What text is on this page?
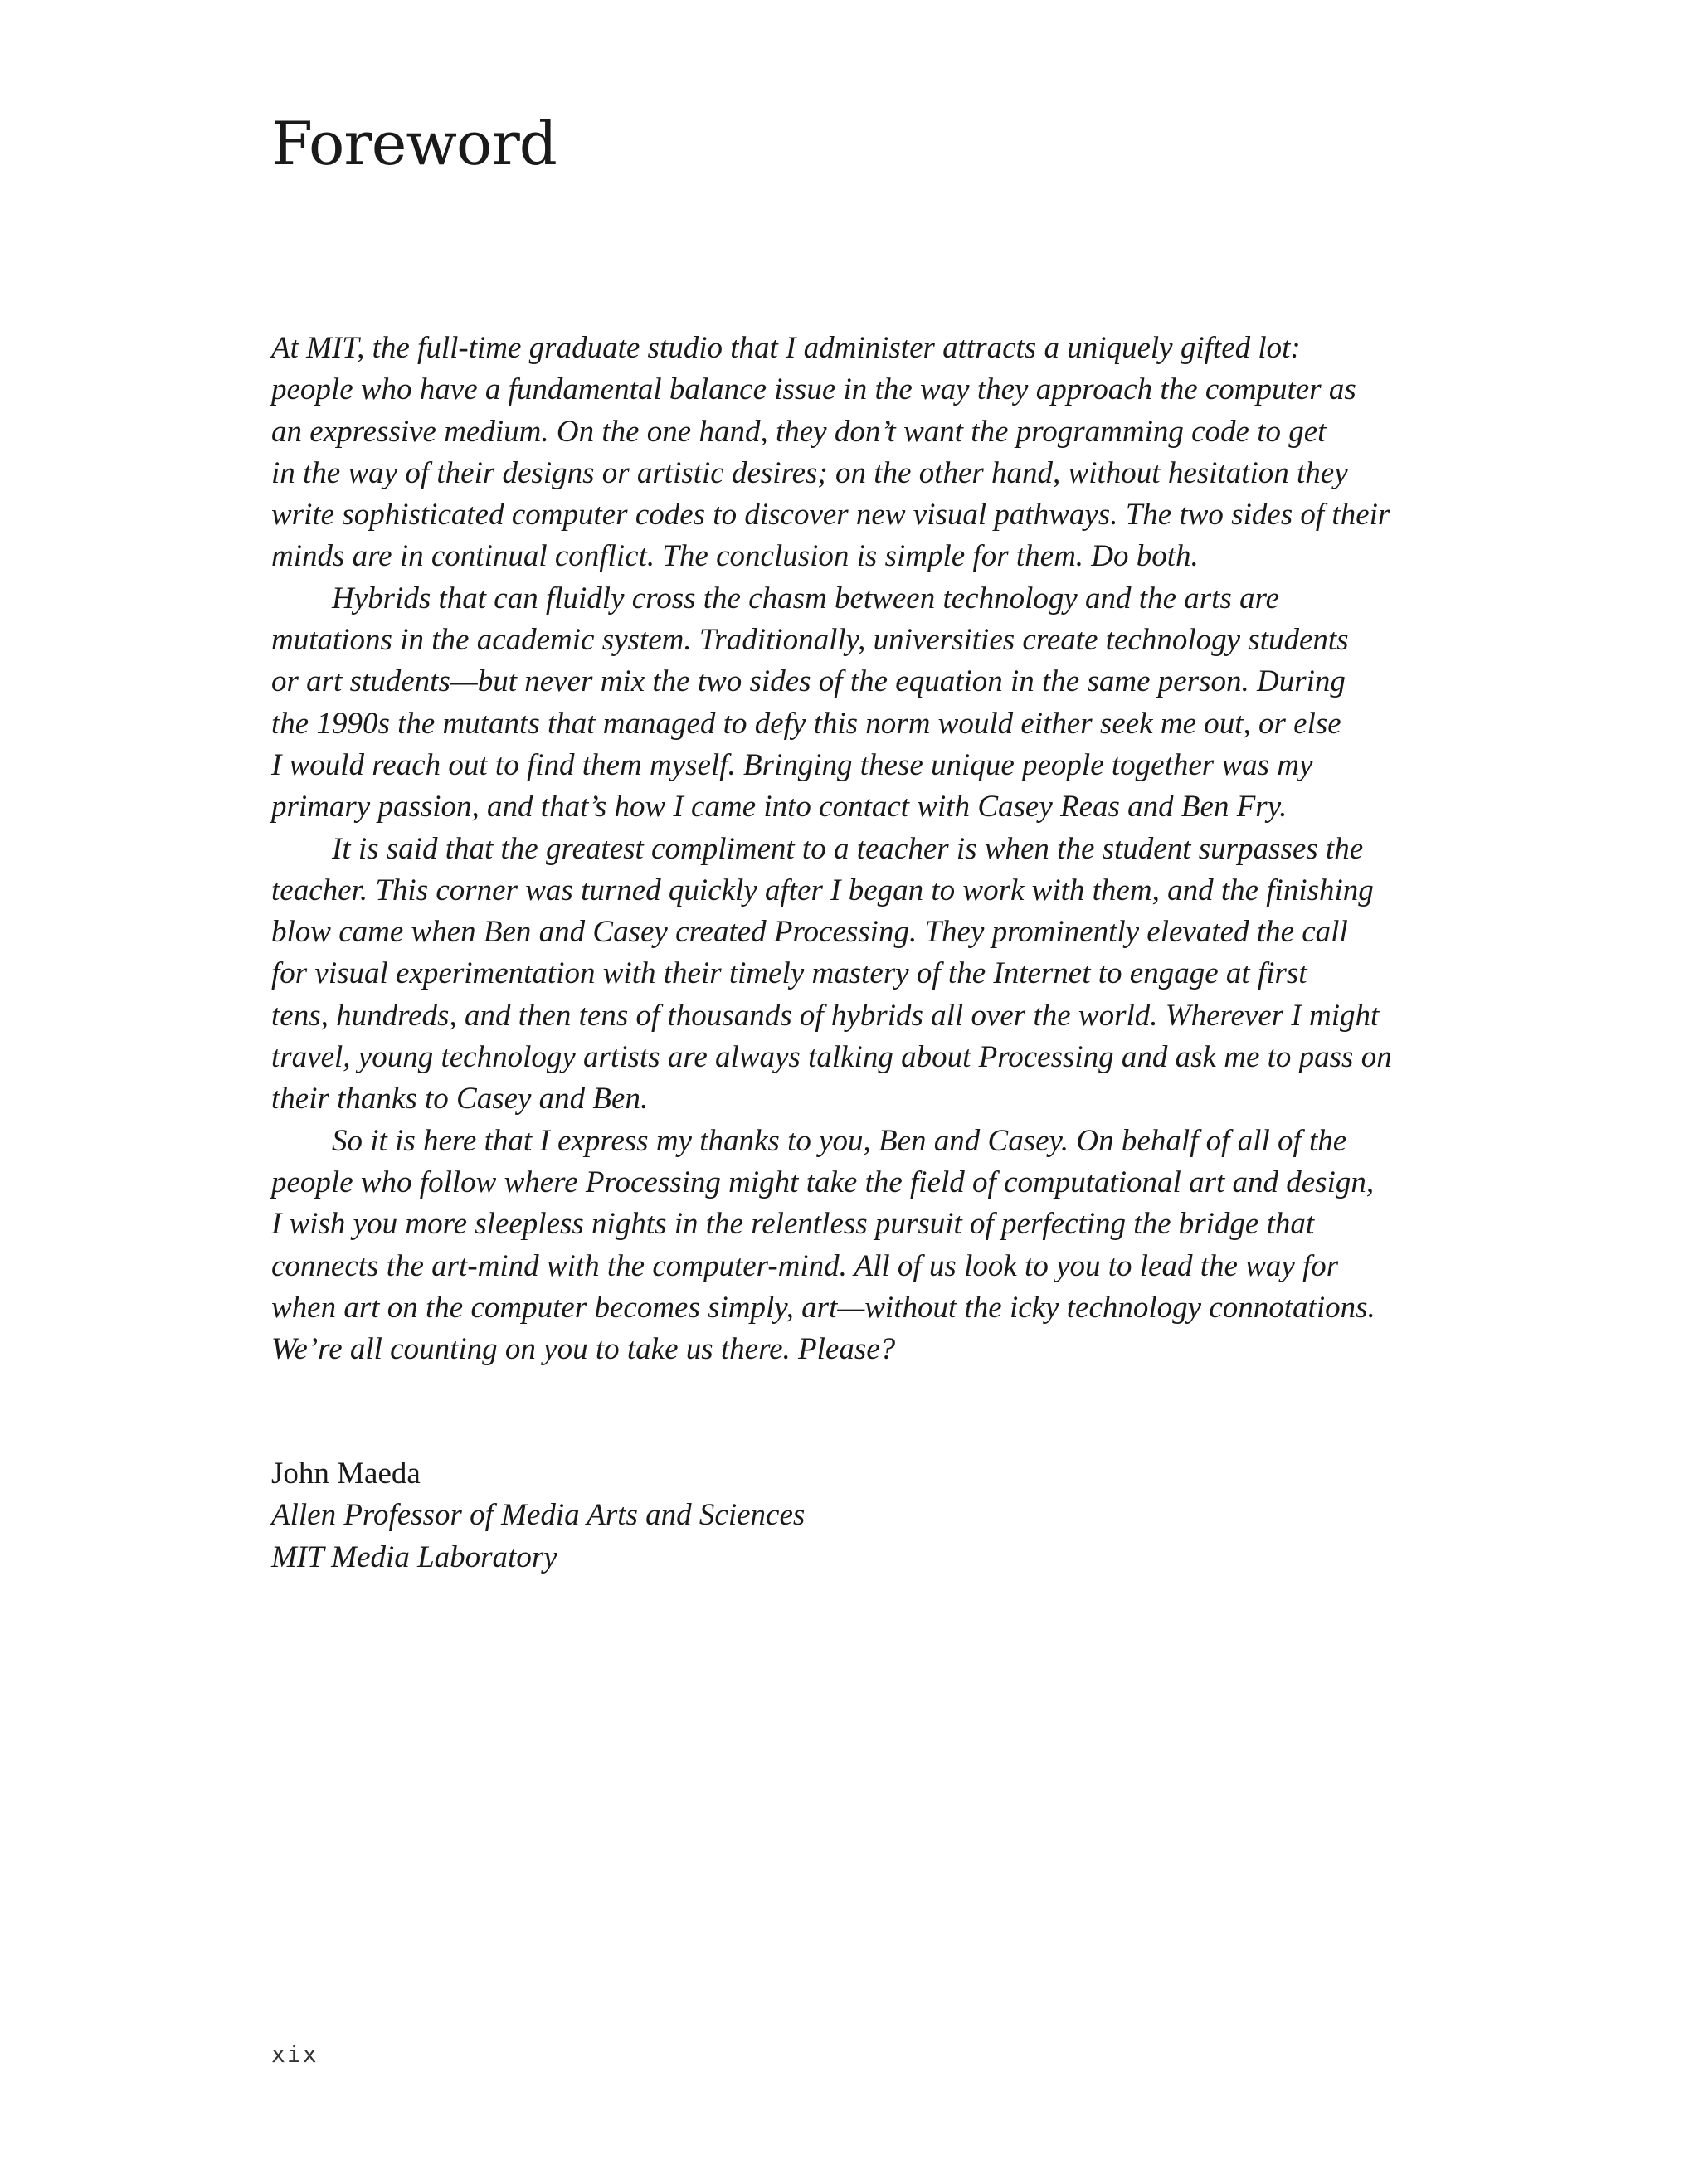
Foreword
At MIT, the full-time graduate studio that I administer attracts a uniquely gifted lot:
people who have a fundamental balance issue in the way they approach the computer as
an expressive medium. On the one hand, they don’t want the programming code to get
in the way of their designs or artistic desires; on the other hand, without hesitation they
write sophisticated computer codes to discover new visual pathways. The two sides of their
minds are in continual conflict. The conclusion is simple for them. Do both.
Hybrids that can fluidly cross the chasm between technology and the arts are
mutations in the academic system. Traditionally, universities create technology students
or art students—but never mix the two sides of the equation in the same person. During
the 1990s the mutants that managed to defy this norm would either seek me out, or else
I would reach out to find them myself. Bringing these unique people together was my
primary passion, and that’s how I came into contact with Casey Reas and Ben Fry.
It is said that the greatest compliment to a teacher is when the student surpasses the
teacher. This corner was turned quickly after I began to work with them, and the finishing
blow came when Ben and Casey created Processing. They prominently elevated the call
for visual experimentation with their timely mastery of the Internet to engage at first
tens, hundreds, and then tens of thousands of hybrids all over the world. Wherever I might
travel, young technology artists are always talking about Processing and ask me to pass on
their thanks to Casey and Ben.
So it is here that I express my thanks to you, Ben and Casey. On behalf of all of the
people who follow where Processing might take the field of computational art and design,
I wish you more sleepless nights in the relentless pursuit of perfecting the bridge that
connects the art-mind with the computer-mind. All of us look to you to lead the way for
when art on the computer becomes simply, art—without the icky technology connotations.
We’re all counting on you to take us there. Please?
John Maeda
Allen Professor of Media Arts and Sciences
MIT Media Laboratory
xix
